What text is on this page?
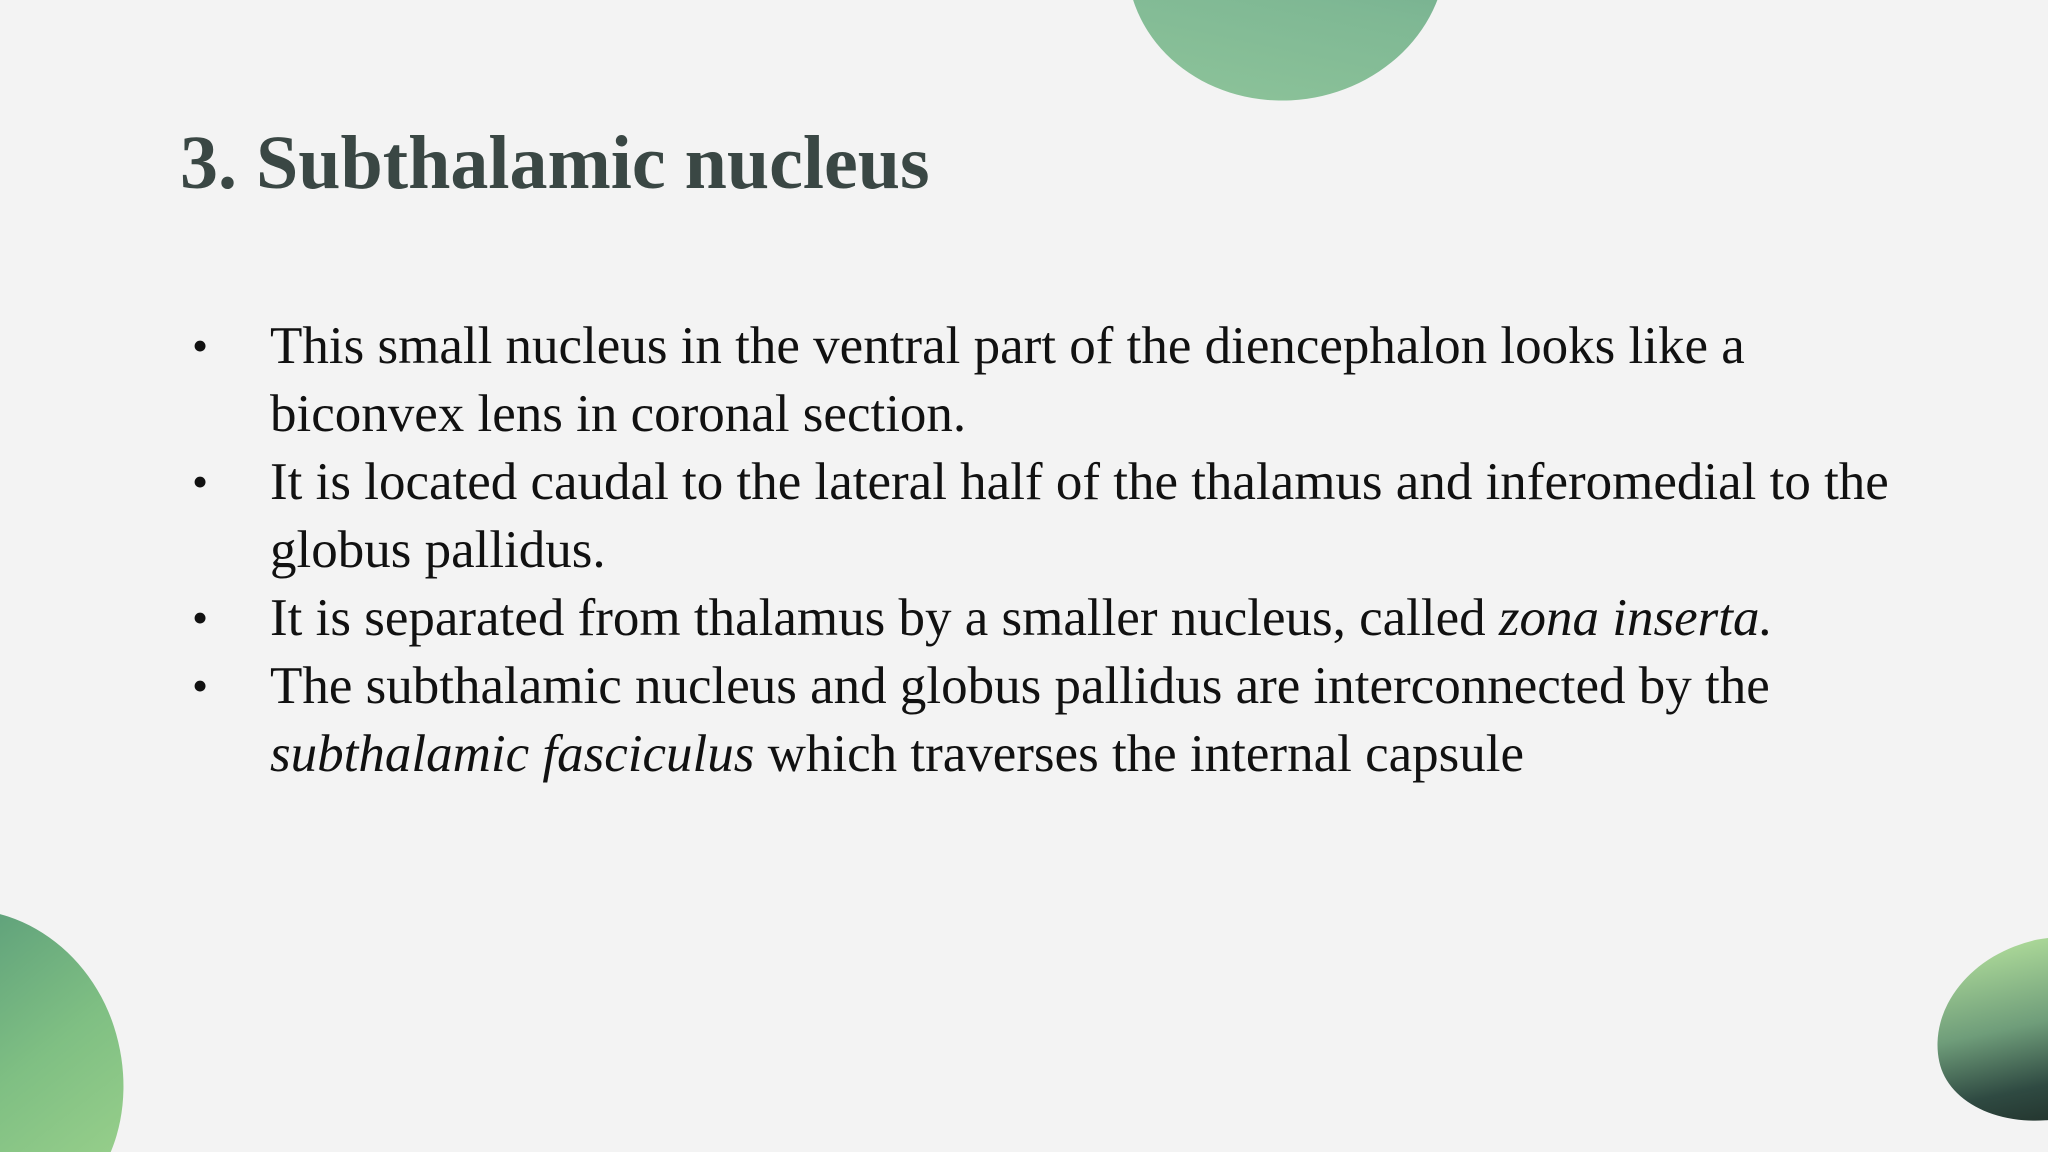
3. Subthalamic nucleus
• This small nucleus in the ventral part of the diencephalon looks like a biconvex lens in coronal section.
• It is located caudal to the lateral half of the thalamus and inferomedial to the globus pallidus.
• It is separated from thalamus by a smaller nucleus, called zona inserta.
• The subthalamic nucleus and globus pallidus are interconnected by the subthalamic fasciculus which traverses the internal capsule
